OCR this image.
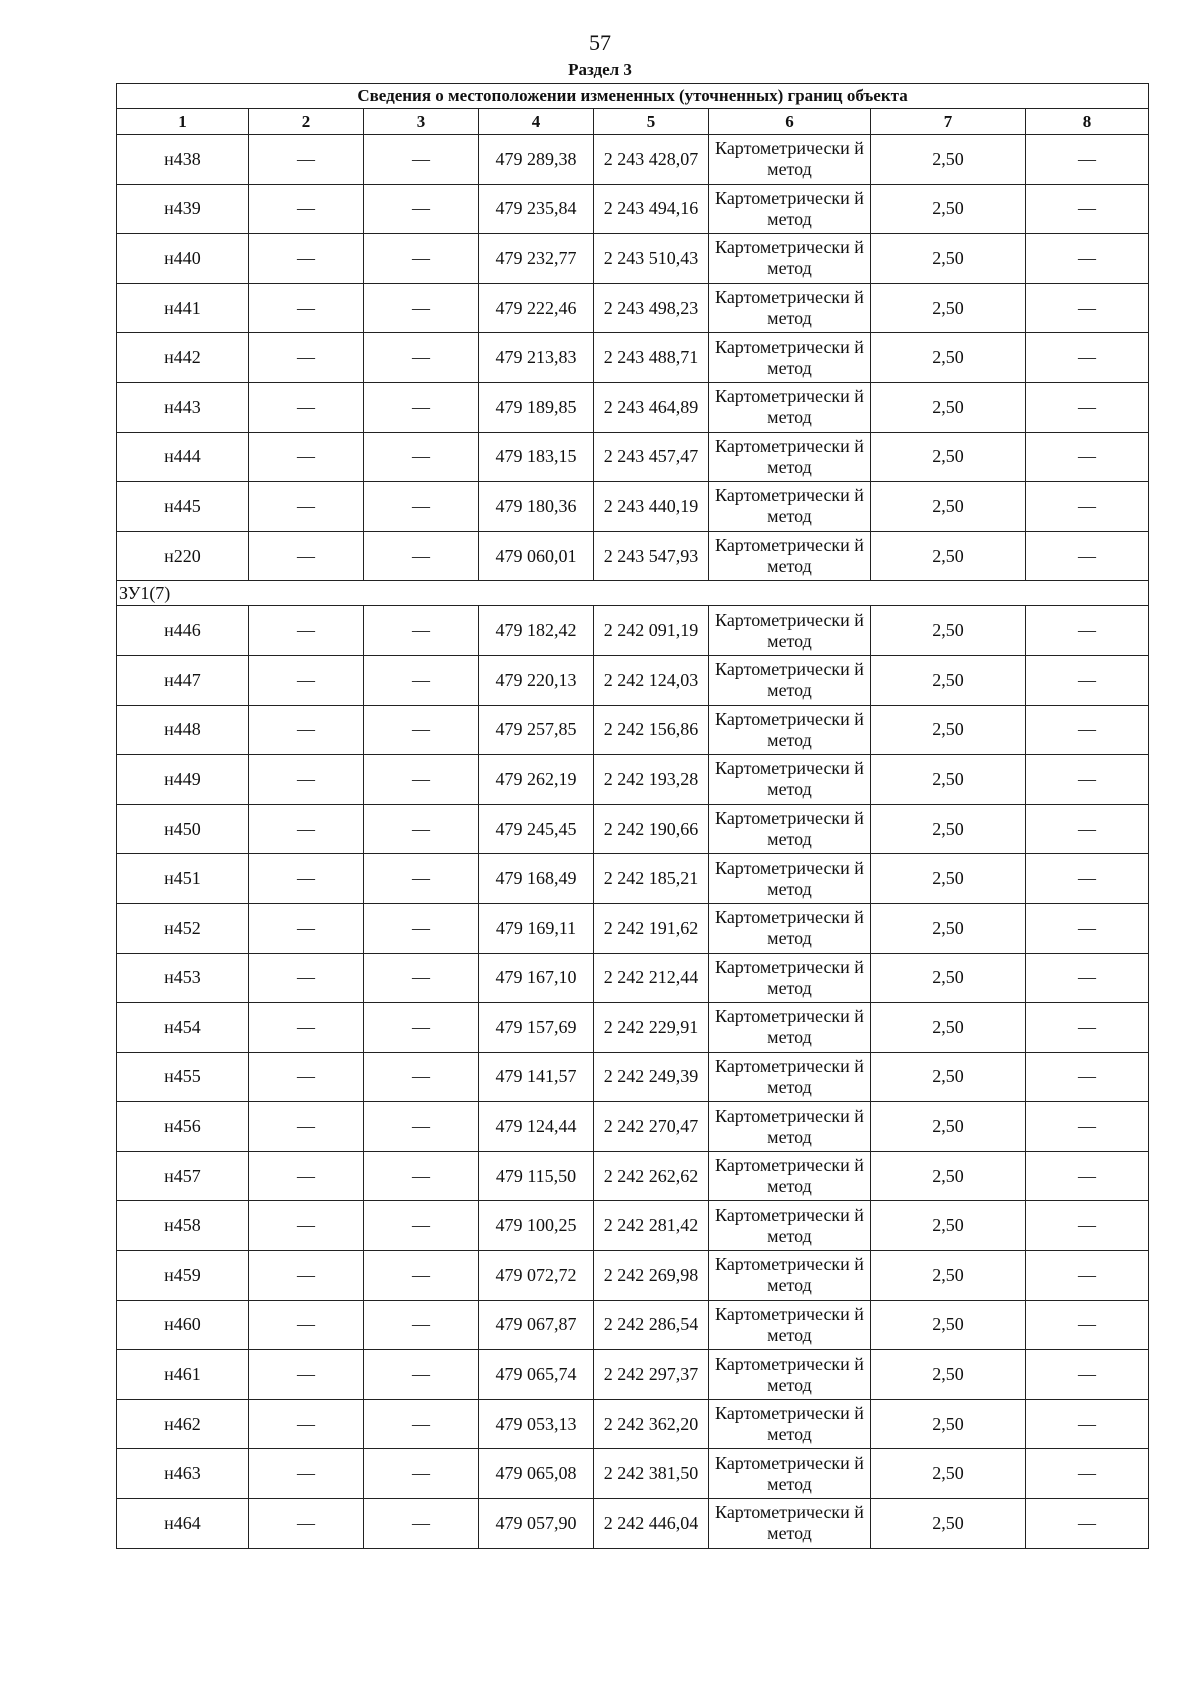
57
Раздел 3
Сведения о местоположении измененных (уточненных) границ объекта							
1	2	3	4	5	6	7	8
н438	—	—	479 289,38	2 243 428,07	Картометрически й метод	2,50	—
н439	—	—	479 235,84	2 243 494,16	Картометрически й метод	2,50	—
н440	—	—	479 232,77	2 243 510,43	Картометрически й метод	2,50	—
н441	—	—	479 222,46	2 243 498,23	Картометрически й метод	2,50	—
н442	—	—	479 213,83	2 243 488,71	Картометрически й метод	2,50	—
н443	—	—	479 189,85	2 243 464,89	Картометрически й метод	2,50	—
н444	—	—	479 183,15	2 243 457,47	Картометрически й метод	2,50	—
н445	—	—	479 180,36	2 243 440,19	Картометрически й метод	2,50	—
н220	—	—	479 060,01	2 243 547,93	Картометрически й метод	2,50	—
ЗУ1(7)							
н446	—	—	479 182,42	2 242 091,19	Картометрически й метод	2,50	—
н447	—	—	479 220,13	2 242 124,03	Картометрически й метод	2,50	—
н448	—	—	479 257,85	2 242 156,86	Картометрически й метод	2,50	—
н449	—	—	479 262,19	2 242 193,28	Картометрически й метод	2,50	—
н450	—	—	479 245,45	2 242 190,66	Картометрически й метод	2,50	—
н451	—	—	479 168,49	2 242 185,21	Картометрически й метод	2,50	—
н452	—	—	479 169,11	2 242 191,62	Картометрически й метод	2,50	—
н453	—	—	479 167,10	2 242 212,44	Картометрически й метод	2,50	—
н454	—	—	479 157,69	2 242 229,91	Картометрически й метод	2,50	—
н455	—	—	479 141,57	2 242 249,39	Картометрически й метод	2,50	—
н456	—	—	479 124,44	2 242 270,47	Картометрически й метод	2,50	—
н457	—	—	479 115,50	2 242 262,62	Картометрически й метод	2,50	—
н458	—	—	479 100,25	2 242 281,42	Картометрически й метод	2,50	—
н459	—	—	479 072,72	2 242 269,98	Картометрически й метод	2,50	—
н460	—	—	479 067,87	2 242 286,54	Картометрически й метод	2,50	—
н461	—	—	479 065,74	2 242 297,37	Картометрически й метод	2,50	—
н462	—	—	479 053,13	2 242 362,20	Картометрически й метод	2,50	—
н463	—	—	479 065,08	2 242 381,50	Картометрически й метод	2,50	—
н464	—	—	479 057,90	2 242 446,04	Картометрически й метод	2,50	—
